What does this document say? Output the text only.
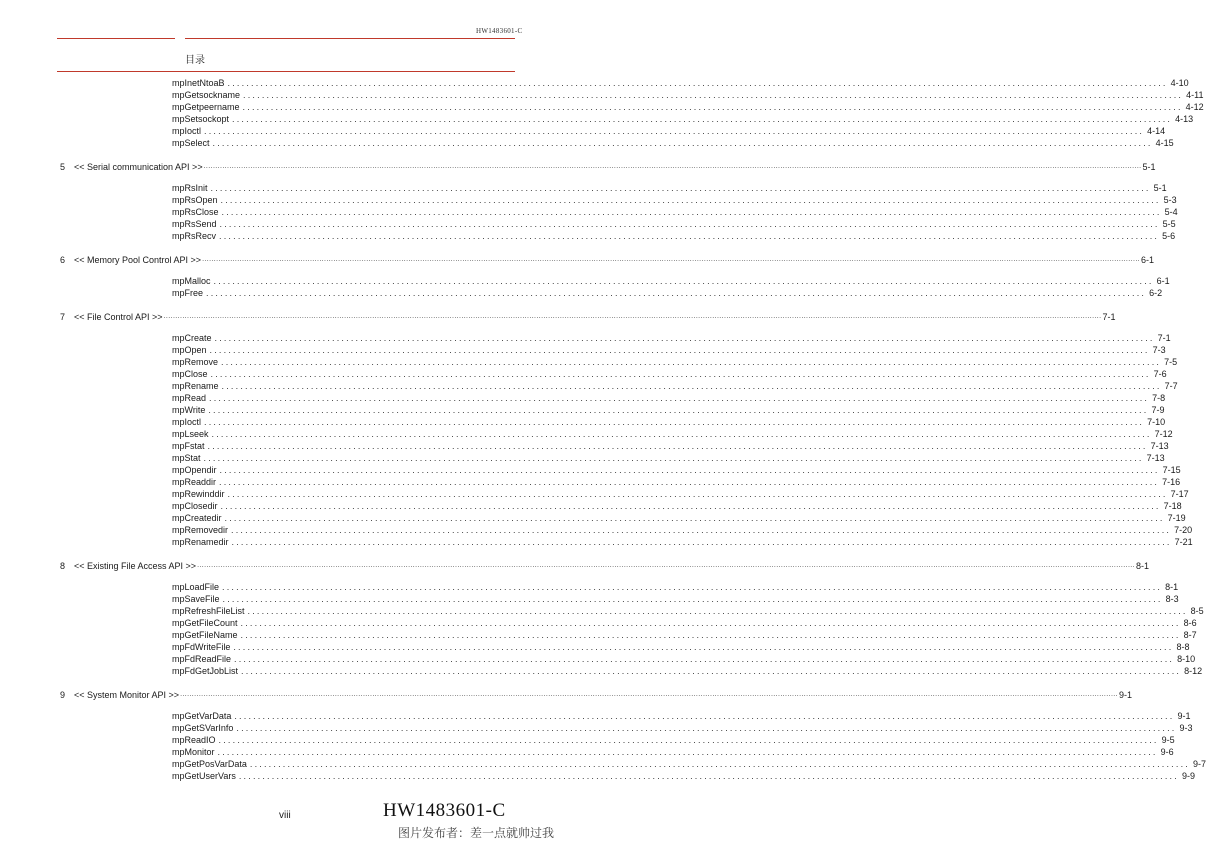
HW1483601-C
目录
mpInetNtoaB ........................................................................................................................................................................................................ 4-10
mpGetsockname ........................................................................................................................................................................................................ 4-11
mpGetpeername ........................................................................................................................................................................................................ 4-12
mpSetsockopt ........................................................................................................................................................................................................ 4-13
mpIoctl ........................................................................................................................................................................................................ 4-14
mpSelect ........................................................................................................................................................................................................ 4-15
5 << Serial communication API >> ................................................................................................................................................................................................................................................................................................................................................................................................................ 5-1
mpRsInit ........................................................................................................................................................................................................ 5-1
mpRsOpen ........................................................................................................................................................................................................ 5-3
mpRsClose ........................................................................................................................................................................................................ 5-4
mpRsSend ........................................................................................................................................................................................................ 5-5
mpRsRecv ........................................................................................................................................................................................................ 5-6
6 << Memory Pool Control API >> ................................................................................................................................................................................................................................................................................................................................................................................................................ 6-1
mpMalloc ........................................................................................................................................................................................................ 6-1
mpFree ........................................................................................................................................................................................................ 6-2
7 << File Control API >> ................................................................................................................................................................................................................................................................................................................................................................................................................ 7-1
mpCreate ........................................................................................................................................................................................................ 7-1
mpOpen ........................................................................................................................................................................................................ 7-3
mpRemove ........................................................................................................................................................................................................ 7-5
mpClose ........................................................................................................................................................................................................ 7-6
mpRename ........................................................................................................................................................................................................ 7-7
mpRead ........................................................................................................................................................................................................ 7-8
mpWrite ........................................................................................................................................................................................................ 7-9
mpIoctl ........................................................................................................................................................................................................ 7-10
mpLseek ........................................................................................................................................................................................................ 7-12
mpFstat ........................................................................................................................................................................................................ 7-13
mpStat ........................................................................................................................................................................................................ 7-13
mpOpendir ........................................................................................................................................................................................................ 7-15
mpReaddir ........................................................................................................................................................................................................ 7-16
mpRewinddir ........................................................................................................................................................................................................ 7-17
mpClosedir ........................................................................................................................................................................................................ 7-18
mpCreatedir ........................................................................................................................................................................................................ 7-19
mpRemovedir ........................................................................................................................................................................................................ 7-20
mpRenamedir ........................................................................................................................................................................................................ 7-21
8 << Existing File Access API >> ................................................................................................................................................................................................................................................................................................................................................................................................................ 8-1
mpLoadFile ........................................................................................................................................................................................................ 8-1
mpSaveFile ........................................................................................................................................................................................................ 8-3
mpRefreshFileList ........................................................................................................................................................................................................ 8-5
mpGetFileCount ........................................................................................................................................................................................................ 8-6
mpGetFileName ........................................................................................................................................................................................................ 8-7
mpFdWriteFile ........................................................................................................................................................................................................ 8-8
mpFdReadFile ........................................................................................................................................................................................................ 8-10
mpFdGetJobList ........................................................................................................................................................................................................ 8-12
9 << System Monitor API >> ................................................................................................................................................................................................................................................................................................................................................................................................................ 9-1
mpGetVarData ........................................................................................................................................................................................................ 9-1
mpGetSVarInfo ........................................................................................................................................................................................................ 9-3
mpReadIO ........................................................................................................................................................................................................ 9-5
mpMonitor ........................................................................................................................................................................................................ 9-6
mpGetPosVarData ........................................................................................................................................................................................................ 9-7
mpGetUserVars ........................................................................................................................................................................................................ 9-9
viii	HW1483601-C
图片发布者：差一点就帅过我
